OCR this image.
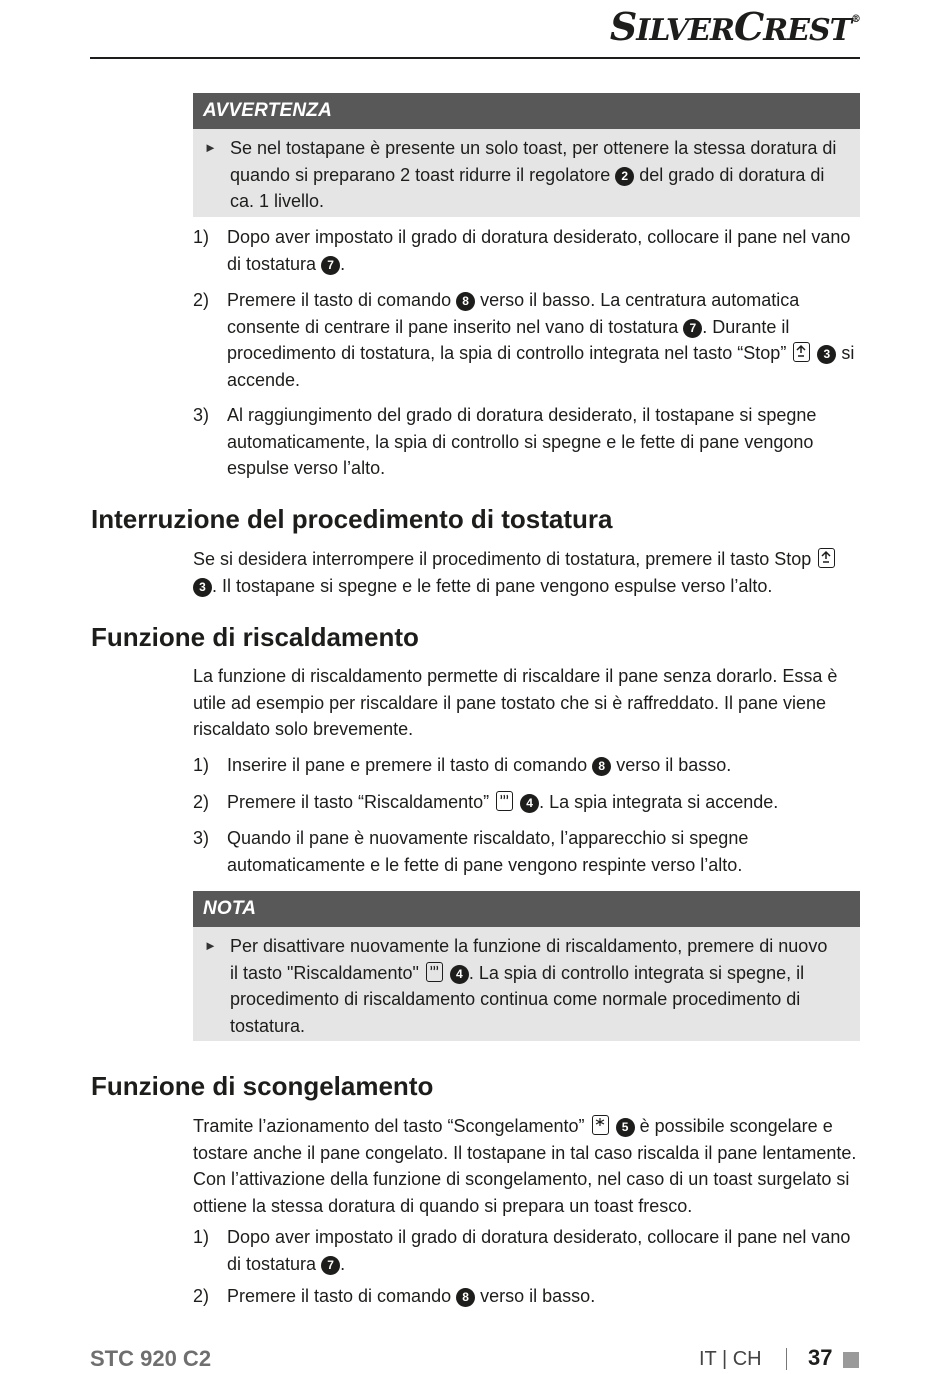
SILVERCREST®
AVVERTENZA
► Se nel tostapane è presente un solo toast, per ottenere la stessa doratura di quando si preparano 2 toast ridurre il regolatore 2 del grado di doratura di ca. 1 livello.
1) Dopo aver impostato il grado di doratura desiderato, collocare il pane nel vano di tostatura 7 .
2) Premere il tasto di comando 8 verso il basso. La centratura automatica consente di centrare il pane inserito nel vano di tostatura 7 . Durante il procedimento di tostatura, la spia di controllo integrata nel tasto “Stop”	3 si accende.
3) Al raggiungimento del grado di doratura desiderato, il tostapane si spegne automaticamente, la spia di controllo si spegne e le fette di pane vengono espulse verso l’alto.
Interruzione del procedimento di tostatura
Se si desidera interrompere il procedimento di tostatura, premere il tasto Stop
3 . Il tostapane si spegne e le fette di pane vengono espulse verso l’alto.
Funzione di riscaldamento
La funzione di riscaldamento permette di riscaldare il pane senza dorarlo. Essa è utile ad esempio per riscaldare il pane tostato che si è raffreddato. Il pane viene riscaldato solo brevemente.
1) Inserire il pane e premere il tasto di comando 8 verso il basso.
2) Premere il tasto “Riscaldamento”	4 . La spia integrata si accende.
3) Quando il pane è nuovamente riscaldato, l’apparecchio si spegne automaticamente e le fette di pane vengono respinte verso l’alto.
NOTA
► Per disattivare nuovamente la funzione di riscaldamento, premere di nuovo il tasto "Riscaldamento"	4 . La spia di controllo integrata si spegne, il procedimento di riscaldamento continua come normale procedimento di tostatura.
Funzione di scongelamento
Tramite l’azionamento del tasto “Scongelamento”	5 è possibile scongelare e tostare anche il pane congelato. Il tostapane in tal caso riscalda il pane lentamente. Con l’attivazione della funzione di scongelamento, nel caso di un toast surgelato si ottiene la stessa doratura di quando si prepara un toast fresco.
1) Dopo aver impostato il grado di doratura desiderato, collocare il pane nel vano di tostatura 7 .
2) Premere il tasto di comando 8 verso il basso.
STC 920 C2	IT | CH 37
